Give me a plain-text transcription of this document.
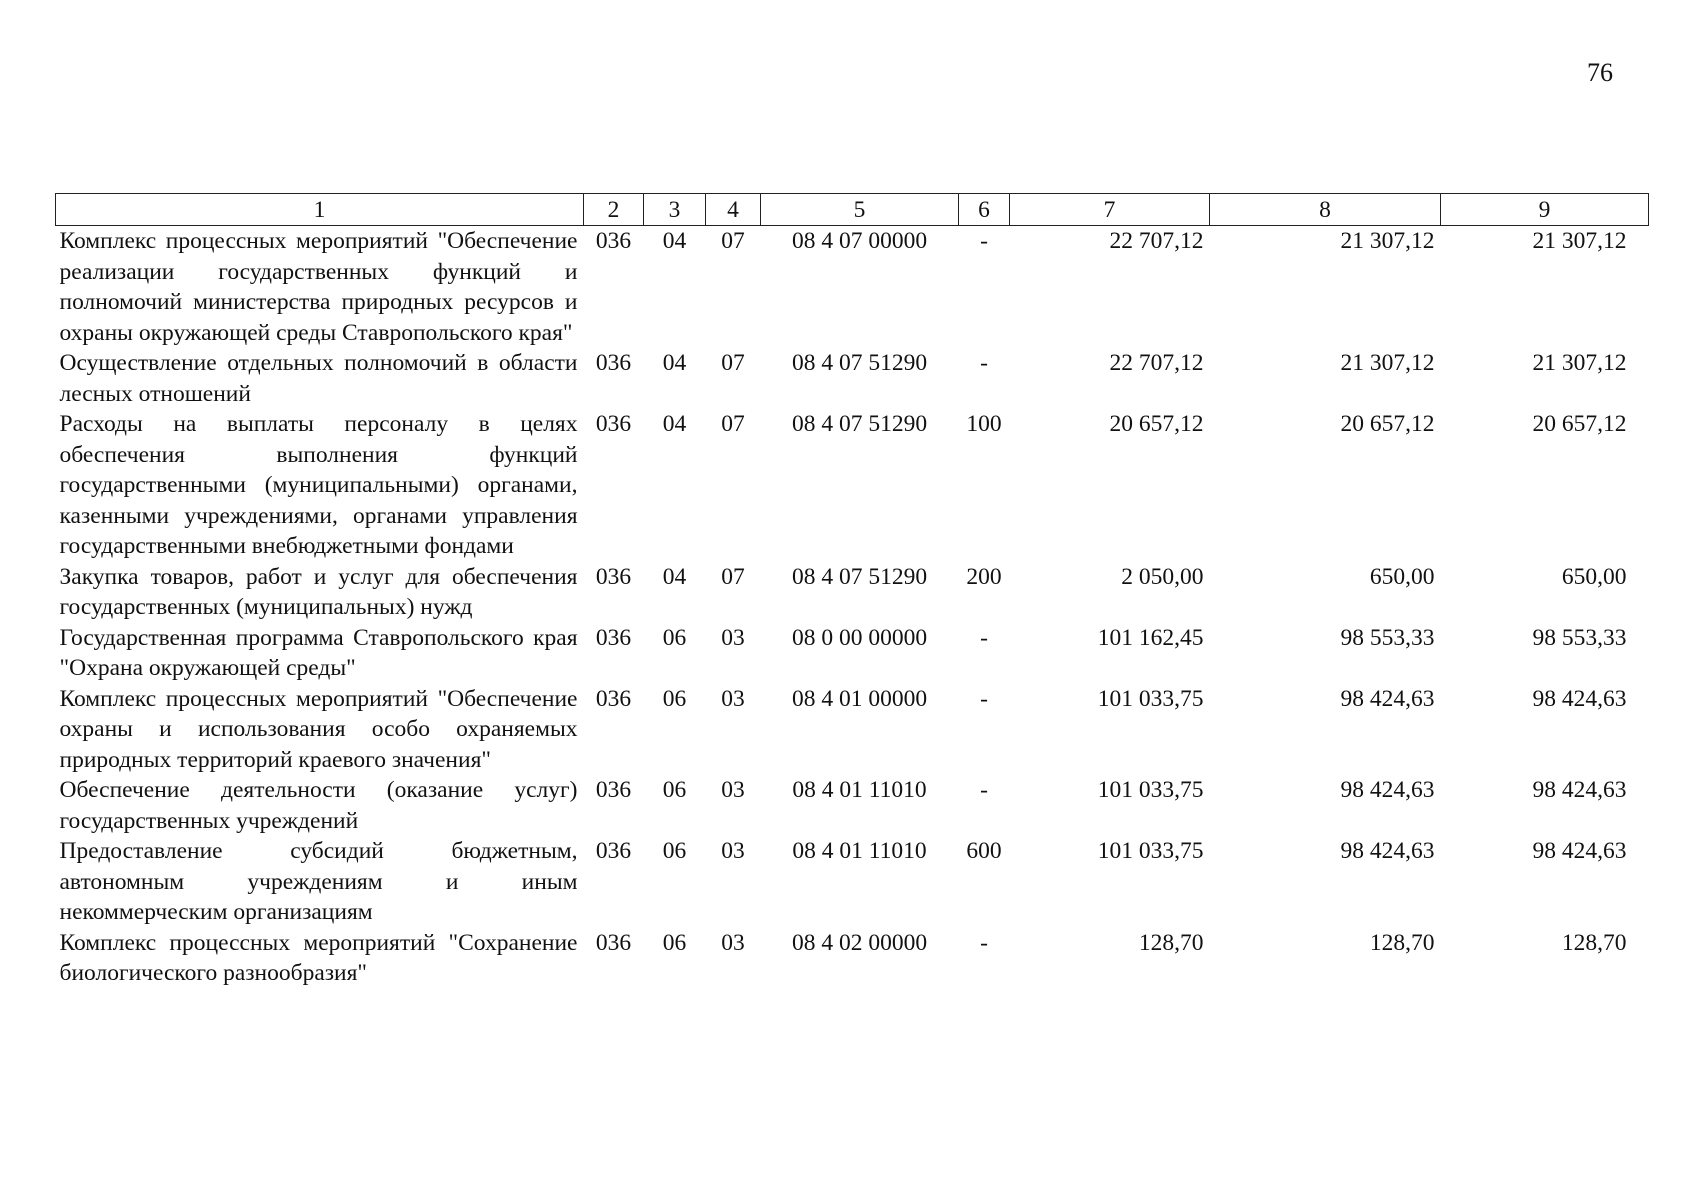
76
1	2	3	4	5	6	7	8	9
Комплекс процессных мероприятий "Обеспечение реализации государственных функций и полномочий министерства природных ресурсов и охраны окружающей среды Ставропольского края"	036	04	07	08 4 07 00000	-	22 707,12	21 307,12	21 307,12
Осуществление отдельных полномочий в области лесных отношений	036	04	07	08 4 07 51290	-	22 707,12	21 307,12	21 307,12
Расходы на выплаты персоналу в целях обеспечения выполнения функций государственными (муниципальными) органами, казенными учреждениями, органами управления государственными внебюджетными фондами	036	04	07	08 4 07 51290	100	20 657,12	20 657,12	20 657,12
Закупка товаров, работ и услуг для обеспечения государственных (муниципальных) нужд	036	04	07	08 4 07 51290	200	2 050,00	650,00	650,00
Государственная программа Ставропольского края "Охрана окружающей среды"	036	06	03	08 0 00 00000	-	101 162,45	98 553,33	98 553,33
Комплекс процессных мероприятий "Обеспечение охраны и использования особо охраняемых природных территорий краевого значения"	036	06	03	08 4 01 00000	-	101 033,75	98 424,63	98 424,63
Обеспечение деятельности (оказание услуг) государственных учреждений	036	06	03	08 4 01 11010	-	101 033,75	98 424,63	98 424,63
Предоставление субсидий бюджетным, автономным учреждениям и иным некоммерческим организациям	036	06	03	08 4 01 11010	600	101 033,75	98 424,63	98 424,63
Комплекс процессных мероприятий "Сохранение биологического разнообразия"	036	06	03	08 4 02 00000	-	128,70	128,70	128,70
